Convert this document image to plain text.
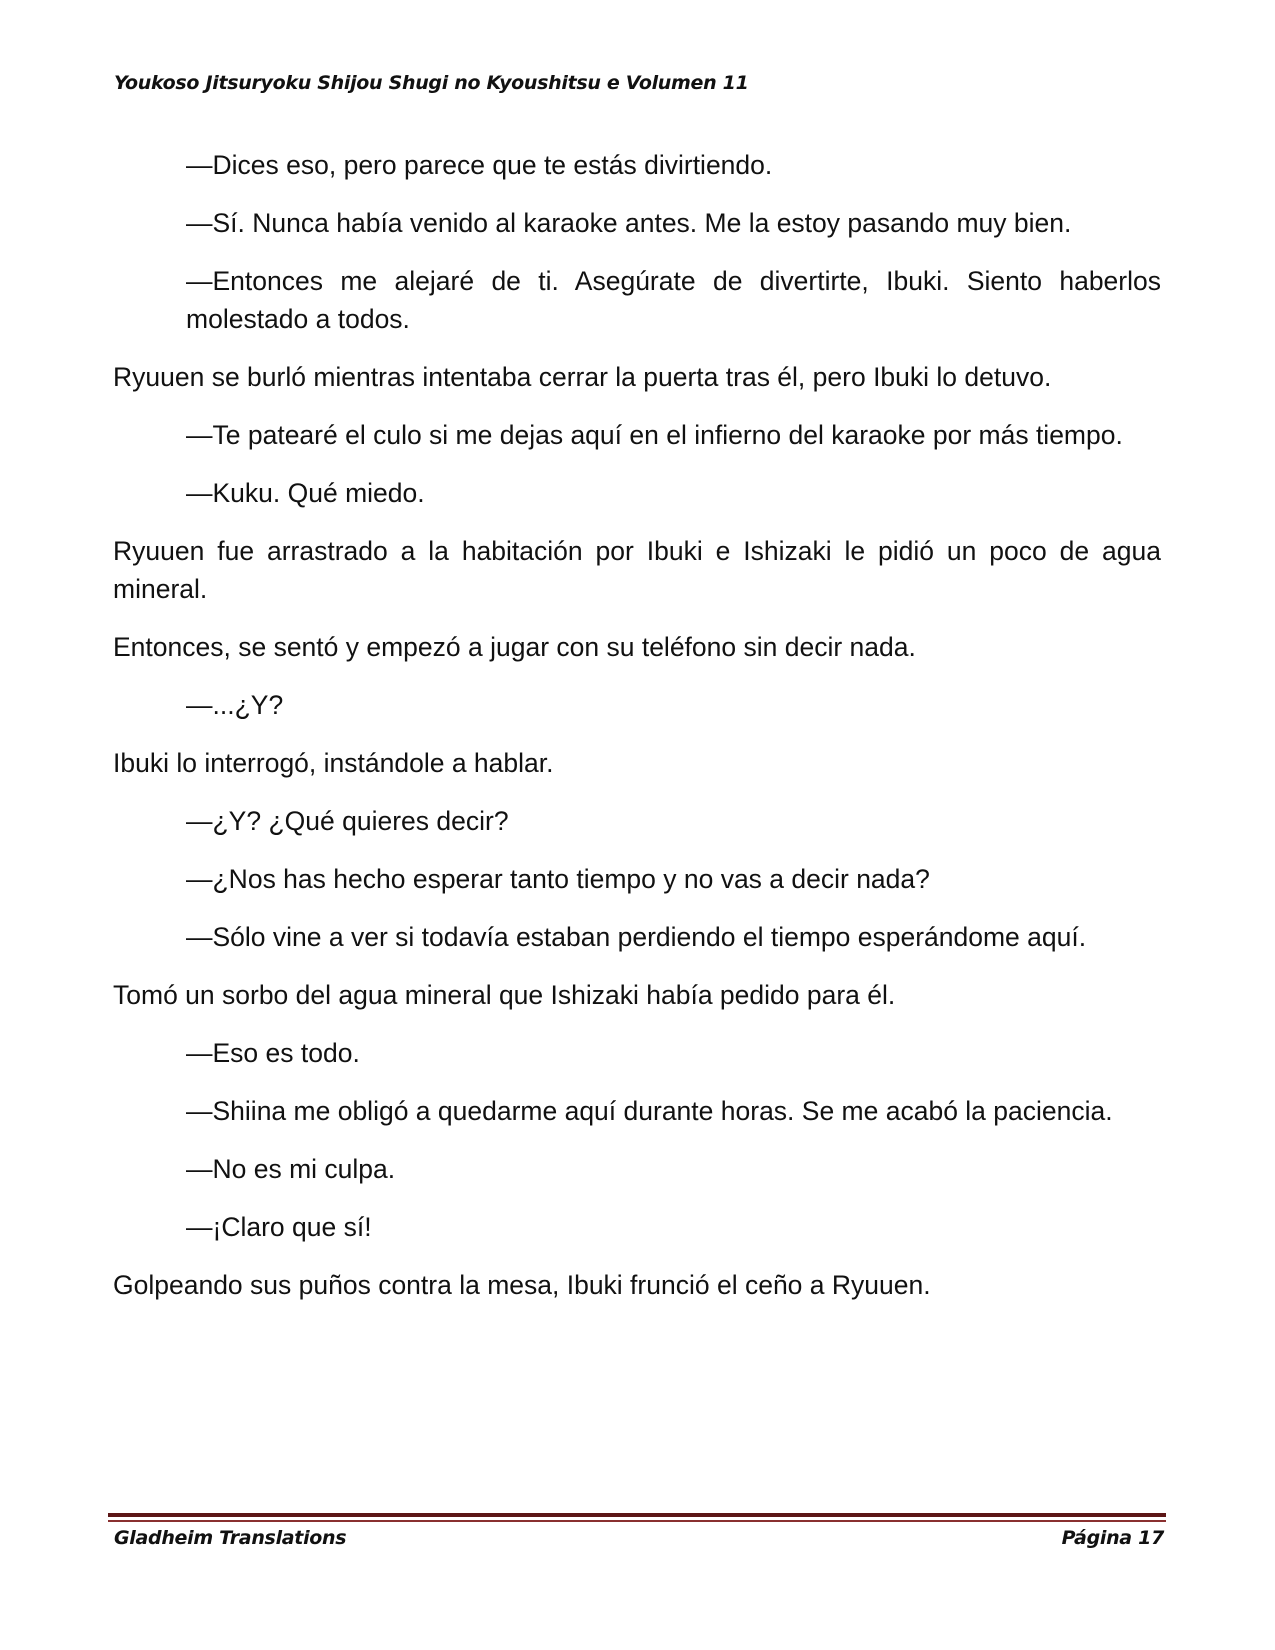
Youkoso Jitsuryoku Shijou Shugi no Kyoushitsu e Volumen 11

—Dices eso, pero parece que te estás divirtiendo.

—Sí. Nunca había venido al karaoke antes. Me la estoy pasando muy bien.

—Entonces me alejaré de ti. Asegúrate de divertirte, Ibuki. Siento haberlos molestado a todos.

Ryuuen se burló mientras intentaba cerrar la puerta tras él, pero Ibuki lo detuvo.

—Te patearé el culo si me dejas aquí en el infierno del karaoke por más tiempo.

—Kuku. Qué miedo.

Ryuuen fue arrastrado a la habitación por Ibuki e Ishizaki le pidió un poco de agua mineral.

Entonces, se sentó y empezó a jugar con su teléfono sin decir nada.

—...¿Y?

Ibuki lo interrogó, instándole a hablar.

—¿Y? ¿Qué quieres decir?

—¿Nos has hecho esperar tanto tiempo y no vas a decir nada?

—Sólo vine a ver si todavía estaban perdiendo el tiempo esperándome aquí.

Tomó un sorbo del agua mineral que Ishizaki había pedido para él.

—Eso es todo.

—Shiina me obligó a quedarme aquí durante horas. Se me acabó la paciencia.

—No es mi culpa.

—¡Claro que sí!

Golpeando sus puños contra la mesa, Ibuki frunció el ceño a Ryuuen.

Gladheim Translations	Página 17
